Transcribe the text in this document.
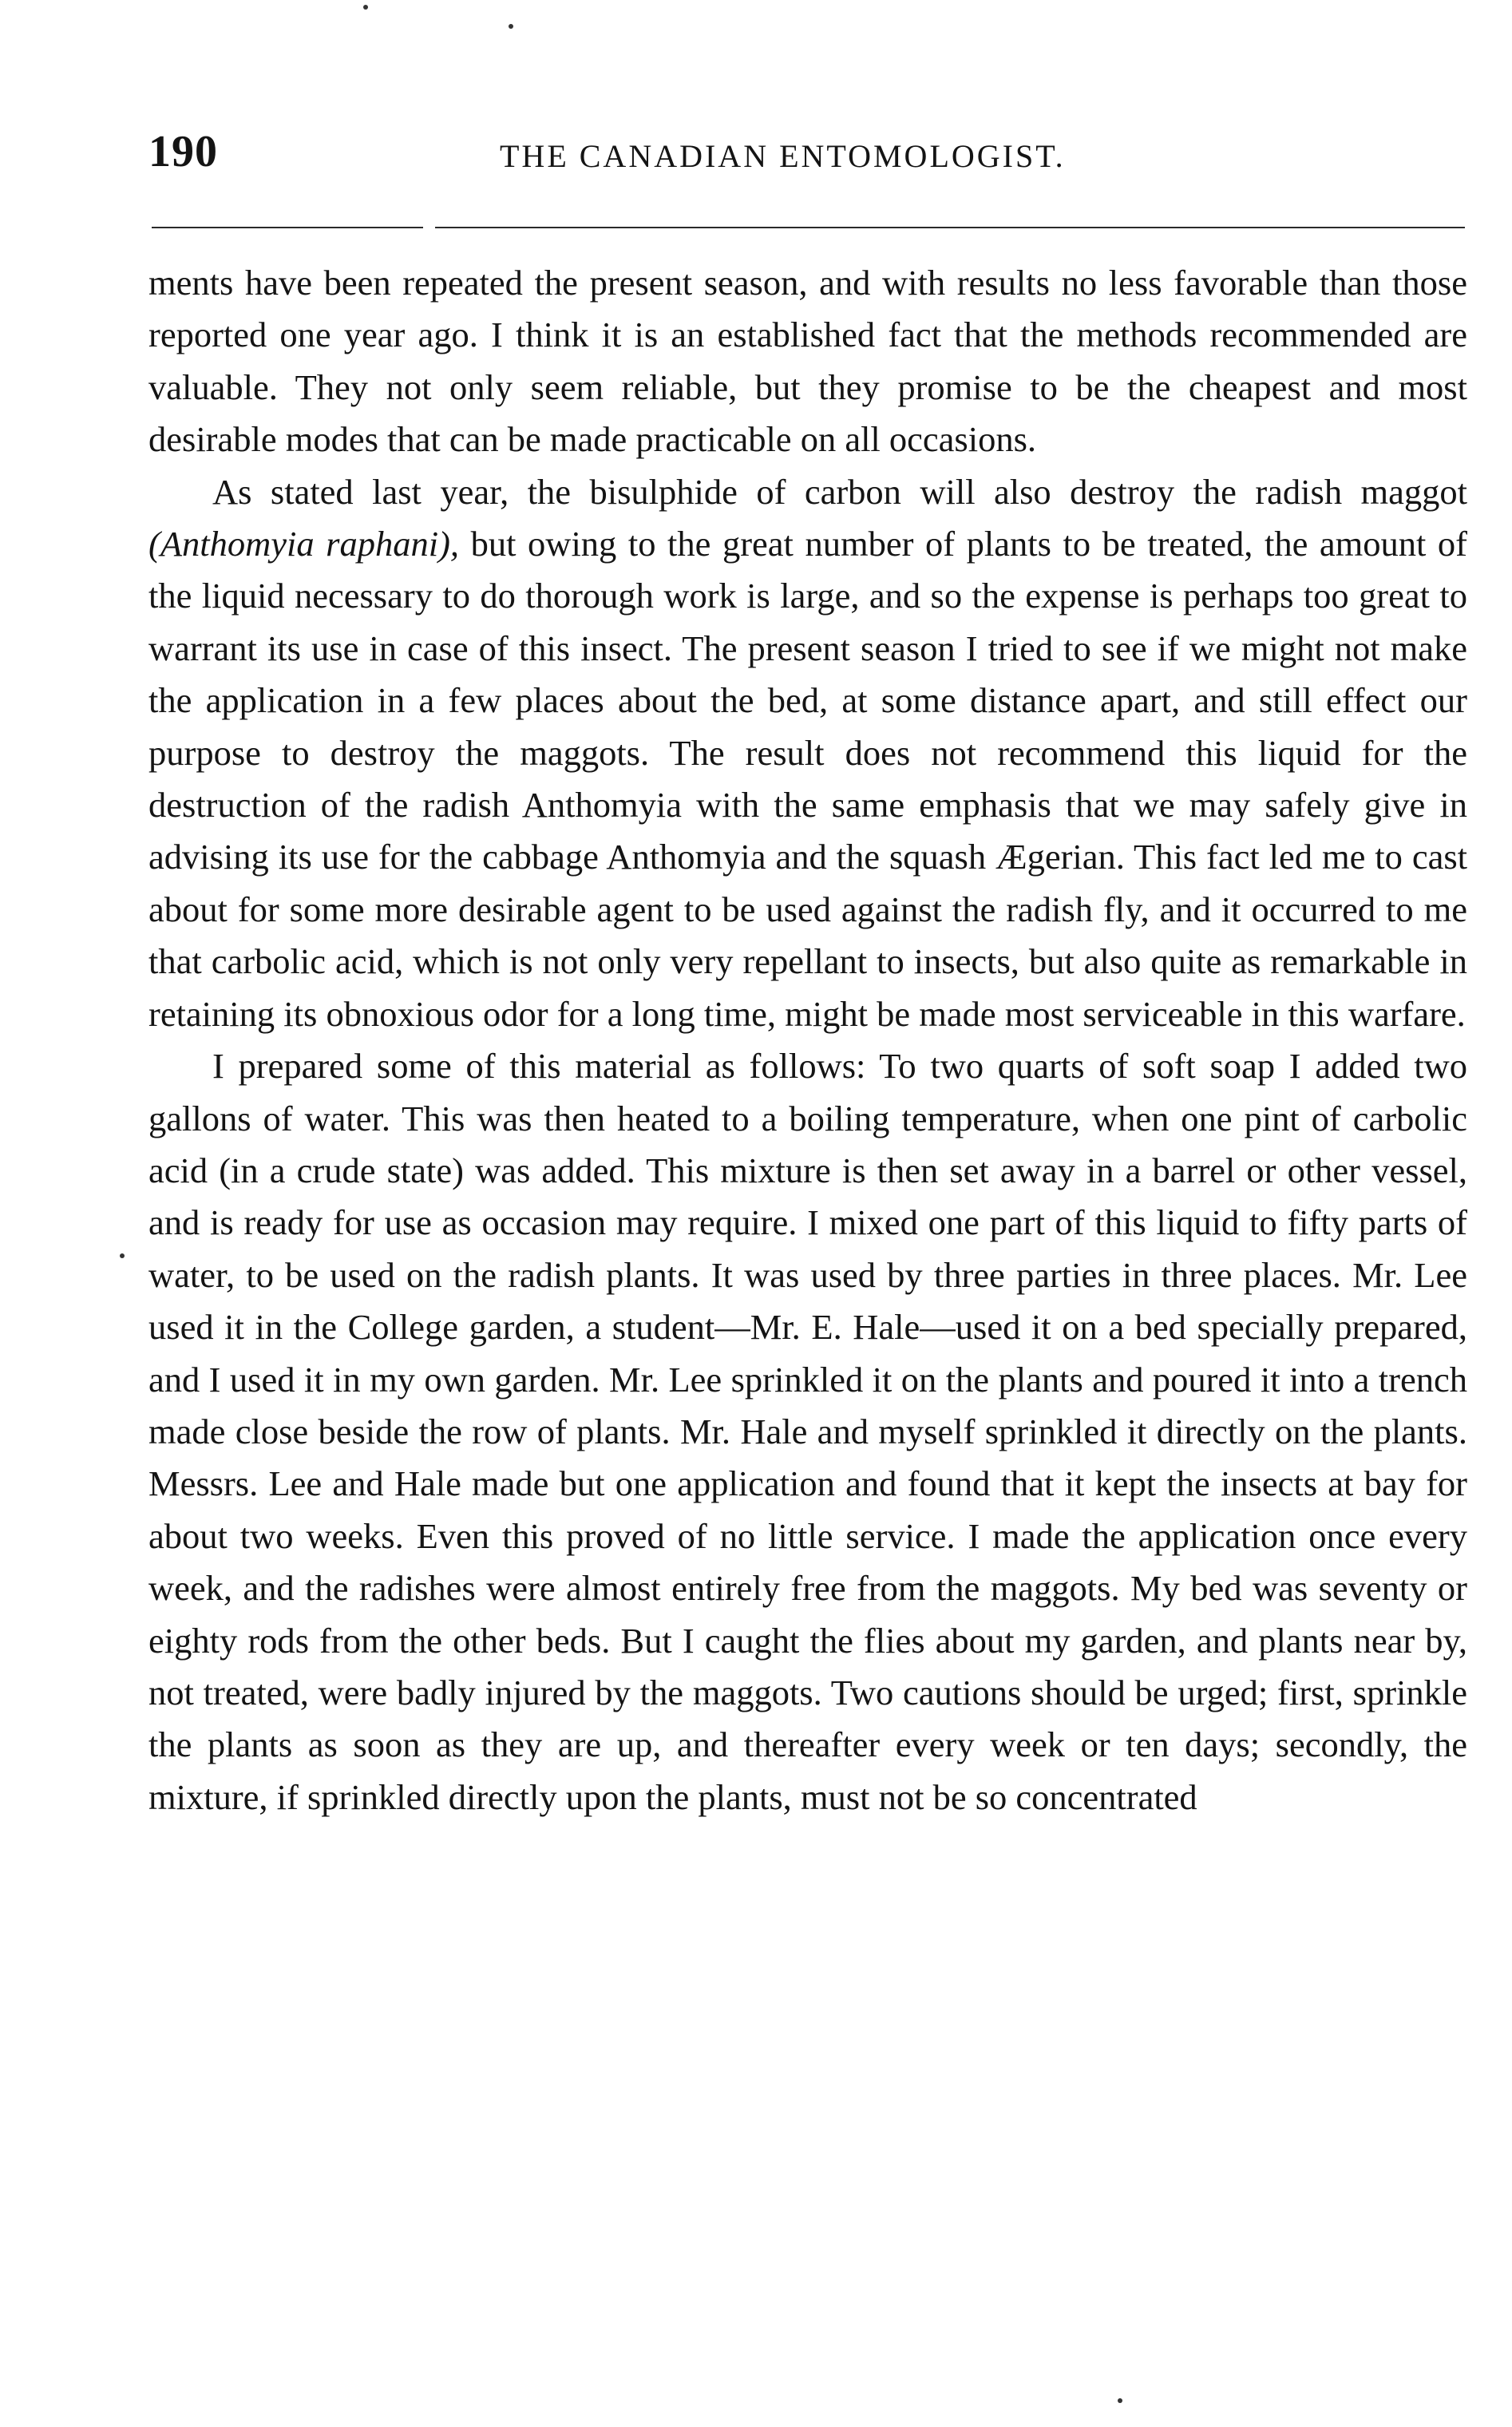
190	THE CANADIAN ENTOMOLOGIST.

ments have been repeated the present season, and with results no less favorable than those reported one year ago. I think it is an established fact that the methods recommended are valuable. They not only seem reliable, but they promise to be the cheapest and most desirable modes that can be made practicable on all occasions.

As stated last year, the bisulphide of carbon will also destroy the radish maggot (Anthomyia raphani), but owing to the great number of plants to be treated, the amount of the liquid necessary to do thorough work is large, and so the expense is perhaps too great to warrant its use in case of this insect. The present season I tried to see if we might not make the application in a few places about the bed, at some distance apart, and still effect our purpose to destroy the maggots. The result does not recommend this liquid for the destruction of the radish Anthomyia with the same emphasis that we may safely give in advising its use for the cabbage Anthomyia and the squash Ægerian. This fact led me to cast about for some more desirable agent to be used against the radish fly, and it occurred to me that carbolic acid, which is not only very repellant to insects, but also quite as remarkable in retaining its obnoxious odor for a long time, might be made most serviceable in this warfare.

I prepared some of this material as follows: To two quarts of soft soap I added two gallons of water. This was then heated to a boiling temperature, when one pint of carbolic acid (in a crude state) was added. This mixture is then set away in a barrel or other vessel, and is ready for use as occasion may require. I mixed one part of this liquid to fifty parts of water, to be used on the radish plants. It was used by three parties in three places. Mr. Lee used it in the College garden, a student—Mr. E. Hale—used it on a bed specially prepared, and I used it in my own garden. Mr. Lee sprinkled it on the plants and poured it into a trench made close beside the row of plants. Mr. Hale and myself sprinkled it directly on the plants. Messrs. Lee and Hale made but one application and found that it kept the insects at bay for about two weeks. Even this proved of no little service. I made the application once every week, and the radishes were almost entirely free from the maggots. My bed was seventy or eighty rods from the other beds. But I caught the flies about my garden, and plants near by, not treated, were badly injured by the maggots. Two cautions should be urged; first, sprinkle the plants as soon as they are up, and thereafter every week or ten days; secondly, the mixture, if sprinkled directly upon the plants, must not be so concentrated
